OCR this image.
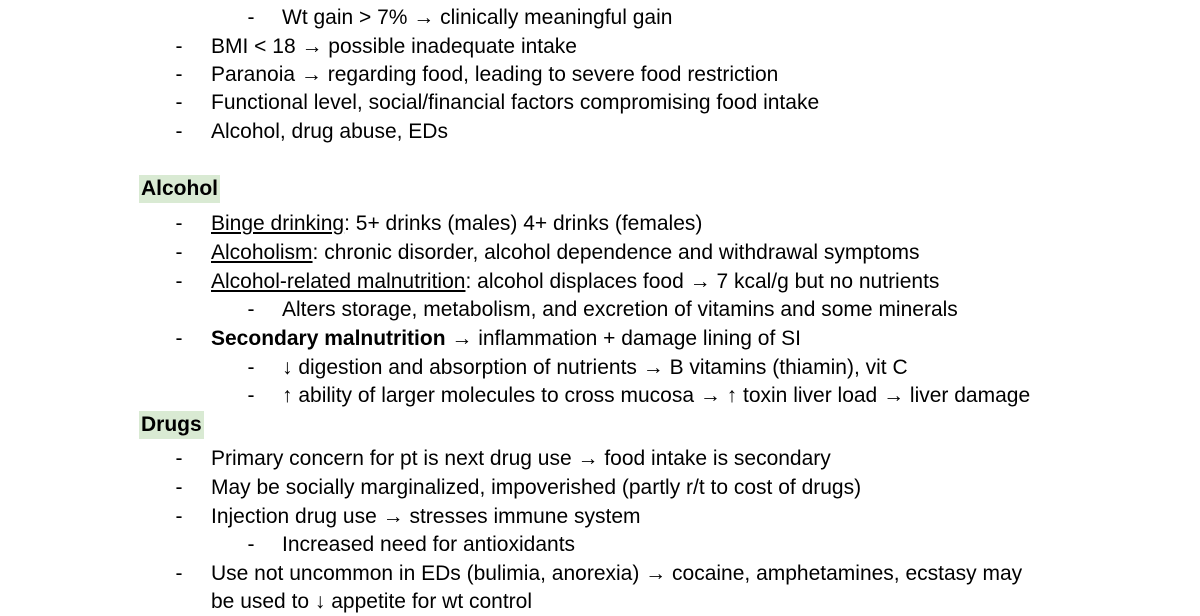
- Wt gain > 7% → clinically meaningful gain
- BMI < 18 → possible inadequate intake
- Paranoia → regarding food, leading to severe food restriction
- Functional level, social/financial factors compromising food intake
- Alcohol, drug abuse, EDs
Alcohol
- Binge drinking: 5+ drinks (males) 4+ drinks (females)
- Alcoholism: chronic disorder, alcohol dependence and withdrawal symptoms
- Alcohol-related malnutrition: alcohol displaces food → 7 kcal/g but no nutrients
- Alters storage, metabolism, and excretion of vitamins and some minerals
- Secondary malnutrition → inflammation + damage lining of SI
- ↓ digestion and absorption of nutrients → B vitamins (thiamin), vit C
- ↑ ability of larger molecules to cross mucosa → ↑ toxin liver load → liver damage
Drugs
- Primary concern for pt is next drug use → food intake is secondary
- May be socially marginalized, impoverished (partly r/t to cost of drugs)
- Injection drug use → stresses immune system
- Increased need for antioxidants
- Use not uncommon in EDs (bulimia, anorexia) → cocaine, amphetamines, ecstasy may
be used to ↓ appetite for wt control
